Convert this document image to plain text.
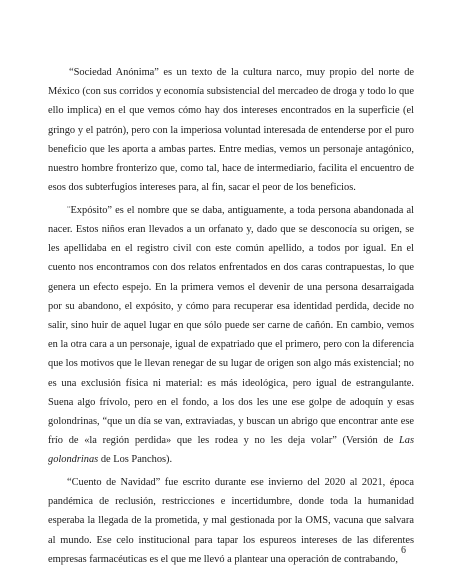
“Sociedad Anónima” es un texto de la cultura narco, muy propio del norte de México (con sus corridos y economía subsistencial del mercadeo de droga y todo lo que ello implica) en el que vemos cómo hay dos intereses encontrados en la superficie (el gringo y el patrón), pero con la imperiosa voluntad interesada de entenderse por el puro beneficio que les aporta a ambas partes. Entre medias, vemos un personaje antagónico, nuestro hombre fronterizo que, como tal, hace de intermediario, facilita el encuentro de esos dos subterfugios intereses para, al fin, sacar el peor de los beneficios.

¨Expósito” es el nombre que se daba, antiguamente, a toda persona abandonada al nacer. Estos niños eran llevados a un orfanato y, dado que se desconocía su origen, se les apellidaba en el registro civil con este común apellido, a todos por igual. En el cuento nos encontramos con dos relatos enfrentados en dos caras contrapuestas, lo que genera un efecto espejo. En la primera vemos el devenir de una persona desarraigada por su abandono, el expósito, y cómo para recuperar esa identidad perdida, decide no salir, sino huir de aquel lugar en que sólo puede ser carne de cañón. En cambio, vemos en la otra cara a un personaje, igual de expatriado que el primero, pero con la diferencia que los motivos que le llevan renegar de su lugar de origen son algo más existencial; no es una exclusión física ni material: es más ideológica, pero igual de estrangulante. Suena algo frívolo, pero en el fondo, a los dos les une ese golpe de adoquín y esas golondrinas, “que un día se van, extraviadas, y buscan un abrigo que encontrar ante ese frío de «la región perdida» que les rodea y no les deja volar” (Versión de Las golondrinas de Los Panchos).

“Cuento de Navidad” fue escrito durante ese invierno del 2020 al 2021, época pandémica de reclusión, restricciones e incertidumbre, donde toda la humanidad esperaba la llegada de la prometida, y mal gestionada por la OMS, vacuna que salvara al mundo. Ese celo institucional para tapar los espureos intereses de las diferentes empresas farmacéuticas es el que me llevó a plantear una operación de contrabando,

6
